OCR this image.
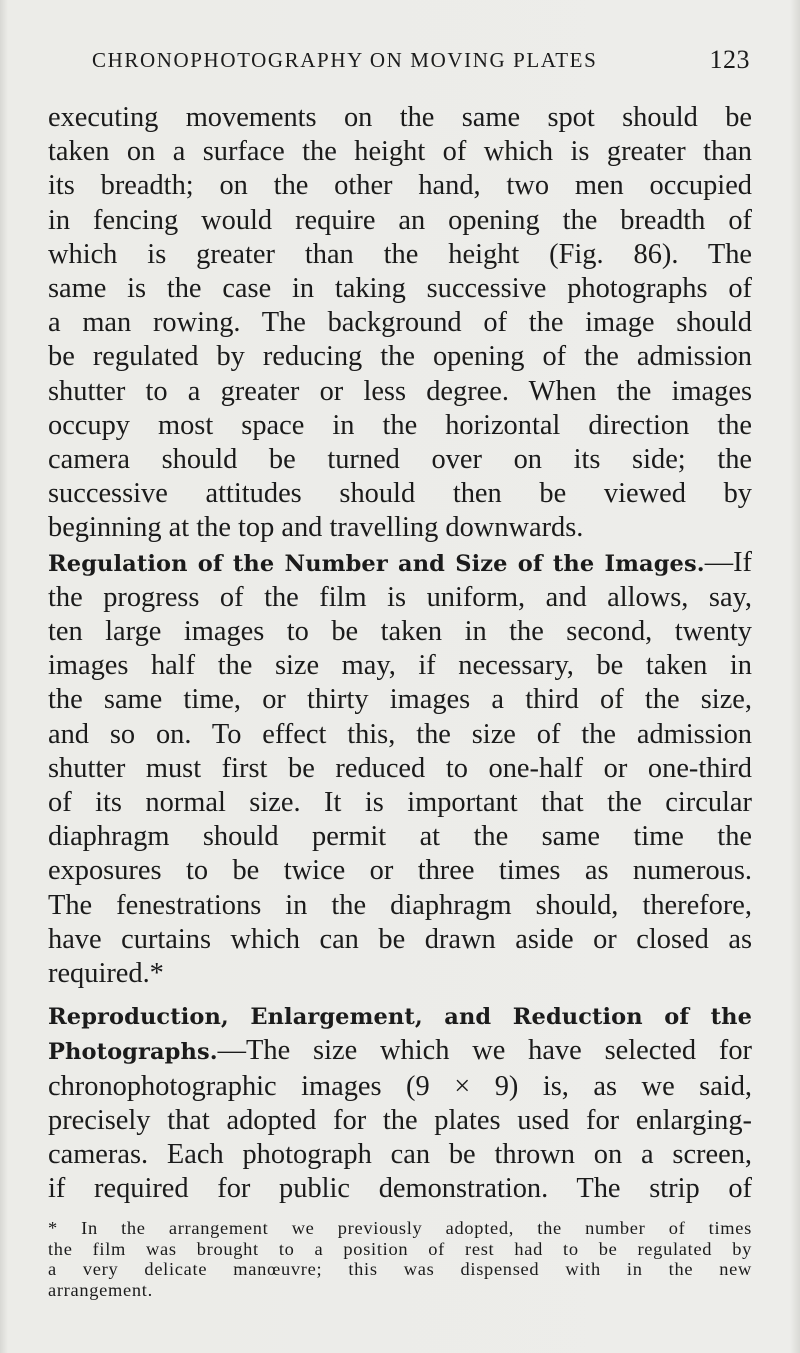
CHRONOPHOTOGRAPHY ON MOVING PLATES	123
executing movements on the same spot should be
taken on a surface the height of which is greater than
its breadth; on the other hand, two men occupied
in fencing would require an opening the breadth of
which is greater than the height (Fig. 86). The
same is the case in taking successive photographs of
a man rowing. The background of the image should
be regulated by reducing the opening of the admission
shutter to a greater or less degree. When the images
occupy most space in the horizontal direction the
camera should be turned over on its side; the
successive attitudes should then be viewed by
beginning at the top and travelling downwards.
Regulation of the Number and Size of the Images.—If
the progress of the film is uniform, and allows, say,
ten large images to be taken in the second, twenty
images half the size may, if necessary, be taken in
the same time, or thirty images a third of the size,
and so on. To effect this, the size of the admission
shutter must first be reduced to one-half or one-third
of its normal size. It is important that the circular
diaphragm should permit at the same time the
exposures to be twice or three times as numerous.
The fenestrations in the diaphragm should, therefore,
have curtains which can be drawn aside or closed as
required.*
Reproduction, Enlargement, and Reduction of the
Photographs.—The size which we have selected for
chronophotographic images (9 × 9) is, as we said,
precisely that adopted for the plates used for enlarging-
cameras. Each photograph can be thrown on a screen,
if required for public demonstration. The strip of
* In the arrangement we previously adopted, the number of times
the film was brought to a position of rest had to be regulated by
a very delicate manœuvre; this was dispensed with in the new
arrangement.
